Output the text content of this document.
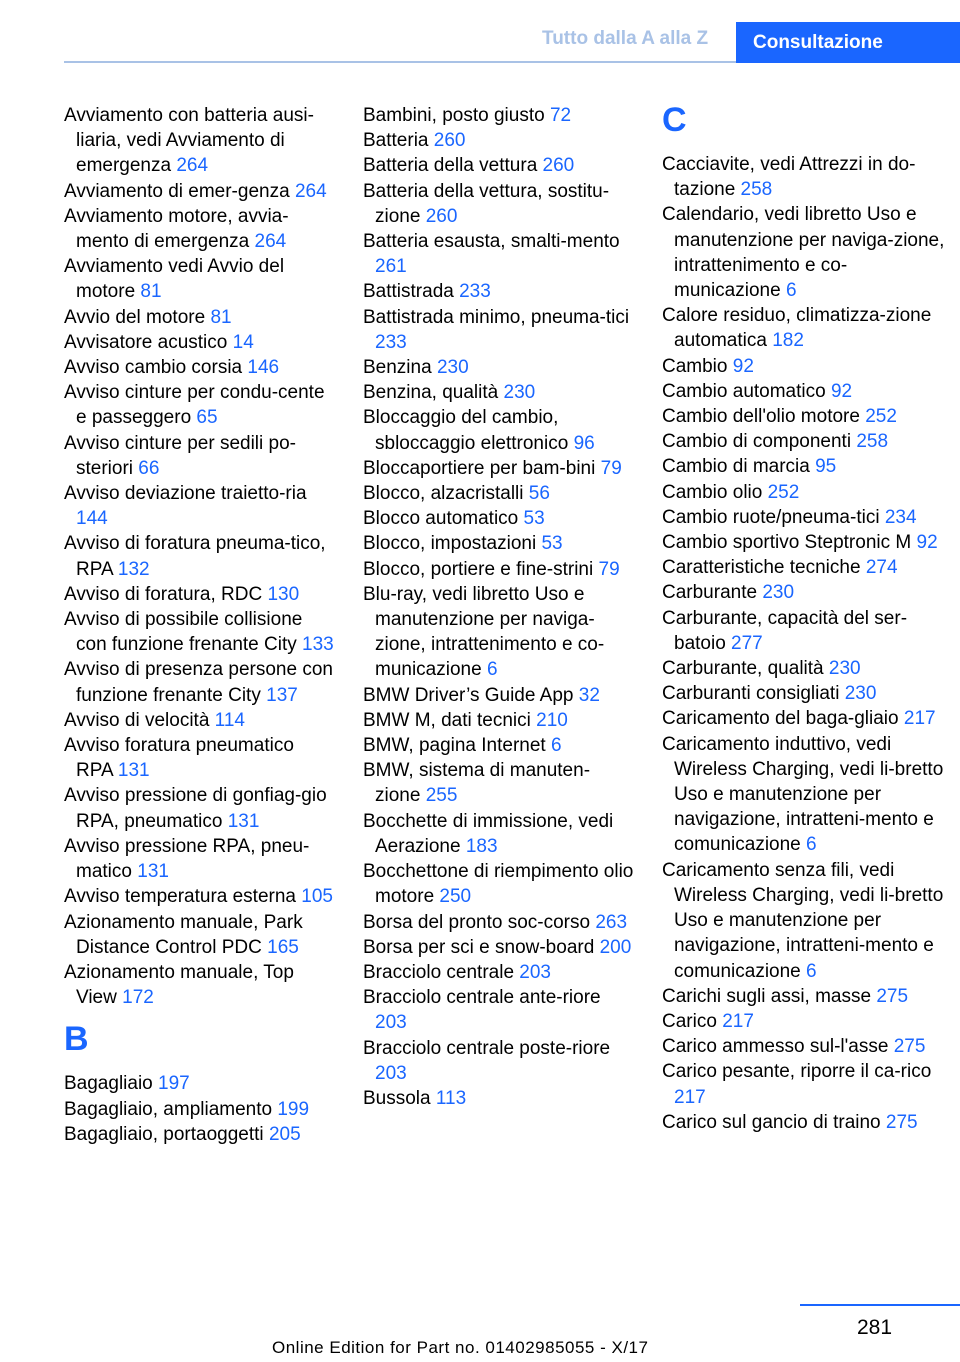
Tutto dalla A alla Z	Consultazione
Avviamento con batteria ausi-liaria, vedi Avviamento di emergenza 264
Avviamento di emer-genza 264
Avviamento motore, avvia-mento di emergenza 264
Avviamento vedi Avvio del motore 81
Avvio del motore 81
Avvisatore acustico 14
Avviso cambio corsia 146
Avviso cinture per condu-cente e passeggero 65
Avviso cinture per sedili po-steriori 66
Avviso deviazione traietto-ria 144
Avviso di foratura pneuma-tico, RPA 132
Avviso di foratura, RDC 130
Avviso di possibile collisione con funzione frenante City 133
Avviso di presenza persone con funzione frenante City 137
Avviso di velocità 114
Avviso foratura pneumatico RPA 131
Avviso pressione di gonfiag-gio RPA, pneumatico 131
Avviso pressione RPA, pneu-matico 131
Avviso temperatura esterna 105
Azionamento manuale, Park Distance Control PDC 165
Azionamento manuale, Top View 172
B
Bagagliaio 197
Bagagliaio, ampliamento 199
Bagagliaio, portaoggetti 205
Bambini, posto giusto 72
Batteria 260
Batteria della vettura 260
Batteria della vettura, sostitu-zione 260
Batteria esausta, smalti-mento 261
Battistrada 233
Battistrada minimo, pneuma-tici 233
Benzina 230
Benzina, qualità 230
Bloccaggio del cambio, sbloccaggio elettronico 96
Bloccaportiere per bam-bini 79
Blocco, alzacristalli 56
Blocco automatico 53
Blocco, impostazioni 53
Blocco, portiere e fine-strini 79
Blu-ray, vedi libretto Uso e manutenzione per naviga-zione, intrattenimento e co-municazione 6
BMW Driver’s Guide App 32
BMW M, dati tecnici 210
BMW, pagina Internet 6
BMW, sistema di manuten-zione 255
Bocchette di immissione, vedi Aerazione 183
Bocchettone di riempimento olio motore 250
Borsa del pronto soc-corso 263
Borsa per sci e snow-board 200
Bracciolo centrale 203
Bracciolo centrale ante-riore 203
Bracciolo centrale poste-riore 203
Bussola 113
C
Cacciavite, vedi Attrezzi in do-tazione 258
Calendario, vedi libretto Uso e manutenzione per naviga-zione, intrattenimento e co-municazione 6
Calore residuo, climatizza-zione automatica 182
Cambio 92
Cambio automatico 92
Cambio dell'olio motore 252
Cambio di componenti 258
Cambio di marcia 95
Cambio olio 252
Cambio ruote/pneuma-tici 234
Cambio sportivo Steptronic M 92
Caratteristiche tecniche 274
Carburante 230
Carburante, capacità del ser-batoio 277
Carburante, qualità 230
Carburanti consigliati 230
Caricamento del baga-gliaio 217
Caricamento induttivo, vedi Wireless Charging, vedi li-bretto Uso e manutenzione per navigazione, intratteni-mento e comunicazione 6
Caricamento senza fili, vedi Wireless Charging, vedi li-bretto Uso e manutenzione per navigazione, intratteni-mento e comunicazione 6
Carichi sugli assi, masse 275
Carico 217
Carico ammesso sul-l'asse 275
Carico pesante, riporre il ca-rico 217
Carico sul gancio di traino 275
281
Online Edition for Part no. 01402985055 - X/17
